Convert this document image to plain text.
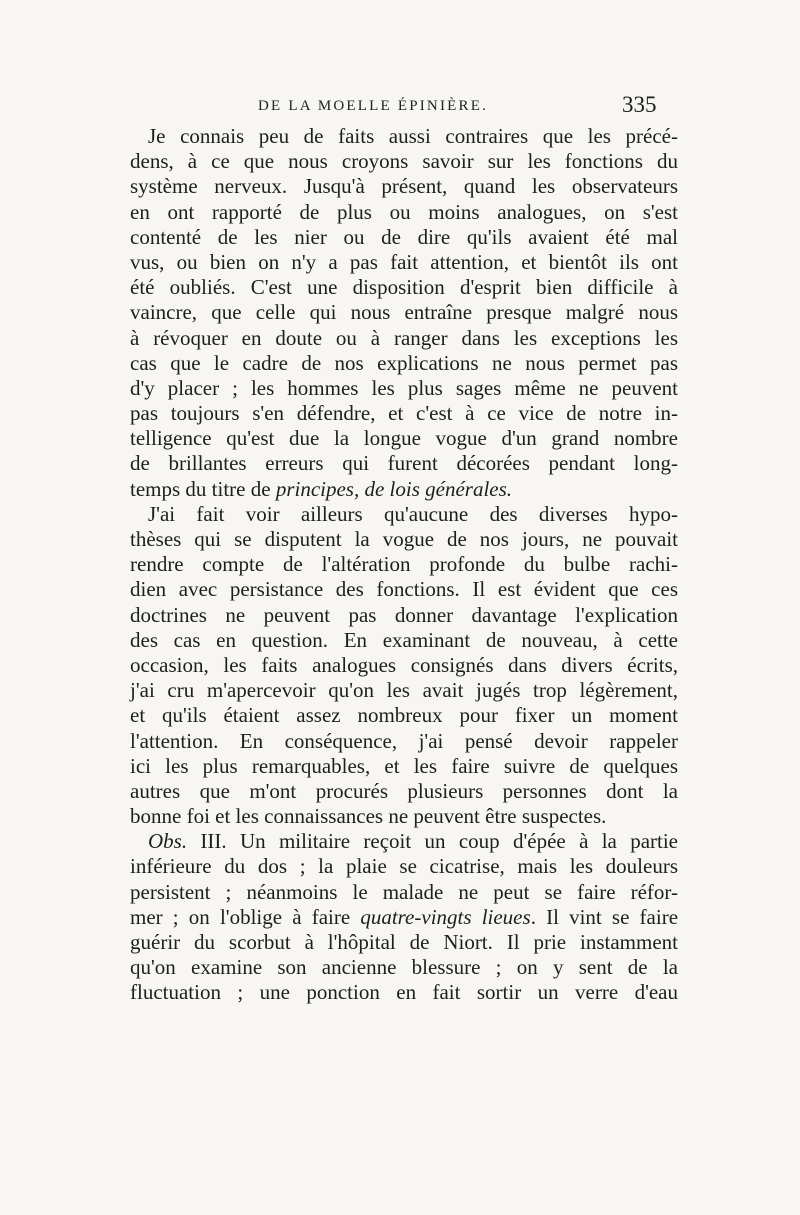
DE LA MOELLE ÉPINIÈRE.	335
Je connais peu de faits aussi contraires que les précé-
dens, à ce que nous croyons savoir sur les fonctions du
système nerveux. Jusqu'à présent, quand les observateurs
en ont rapporté de plus ou moins analogues, on s'est
contenté de les nier ou de dire qu'ils avaient été mal
vus, ou bien on n'y a pas fait attention, et bientôt ils ont
été oubliés. C'est une disposition d'esprit bien difficile à
vaincre, que celle qui nous entraîne presque malgré nous
à révoquer en doute ou à ranger dans les exceptions les
cas que le cadre de nos explications ne nous permet pas
d'y placer ; les hommes les plus sages même ne peuvent
pas toujours s'en défendre, et c'est à ce vice de notre in-
telligence qu'est due la longue vogue d'un grand nombre
de brillantes erreurs qui furent décorées pendant long-
temps du titre de principes, de lois générales.
J'ai fait voir ailleurs qu'aucune des diverses hypo-
thèses qui se disputent la vogue de nos jours, ne pouvait
rendre compte de l'altération profonde du bulbe rachi-
dien avec persistance des fonctions. Il est évident que ces
doctrines ne peuvent pas donner davantage l'explication
des cas en question. En examinant de nouveau, à cette
occasion, les faits analogues consignés dans divers écrits,
j'ai cru m'apercevoir qu'on les avait jugés trop légèrement,
et qu'ils étaient assez nombreux pour fixer un moment
l'attention. En conséquence, j'ai pensé devoir rappeler
ici les plus remarquables, et les faire suivre de quelques
autres que m'ont procurés plusieurs personnes dont la
bonne foi et les connaissances ne peuvent être suspectes.
Obs. III. Un militaire reçoit un coup d'épée à la partie
inférieure du dos ; la plaie se cicatrise, mais les douleurs
persistent ; néanmoins le malade ne peut se faire réfor-
mer ; on l'oblige à faire quatre-vingts lieues. Il vint se faire
guérir du scorbut à l'hôpital de Niort. Il prie instamment
qu'on examine son ancienne blessure ; on y sent de la
fluctuation ; une ponction en fait sortir un verre d'eau
